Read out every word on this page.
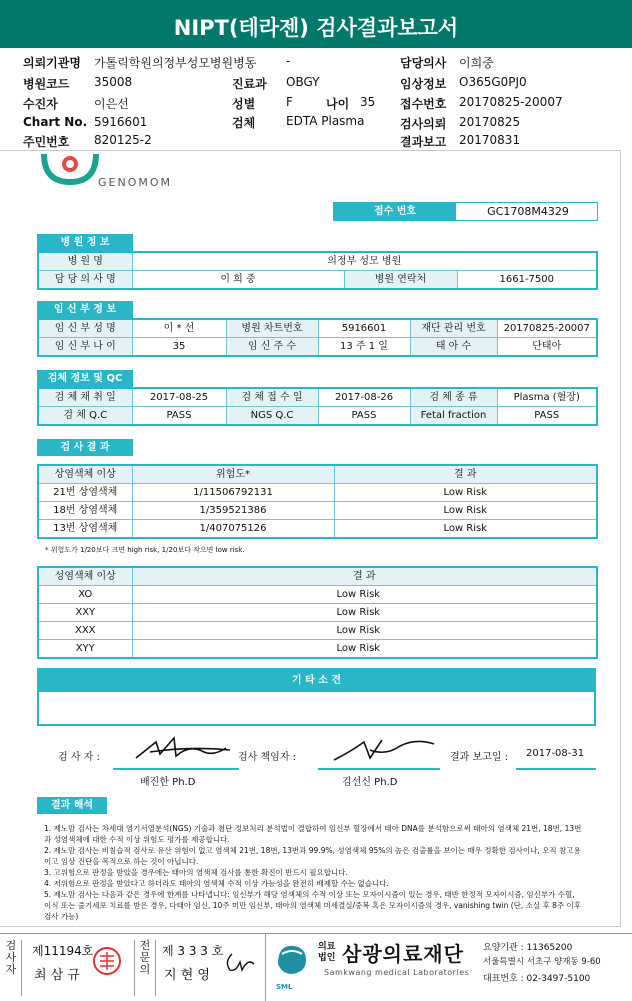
NIPT(테라젠) 검사결과보고서
의뢰기관명 가톨릭학원의정부성모병원병동
병원코드 35008
수진자	이은선
Chart No. 5916601
주민번호 820125-2
-
진료과 OBGY
성별	F	나이 35
검체	EDTA Plasma
담당의사 이희중
임상정보 O365G0PJ0
접수번호 20170825-20007
검사의뢰 20170825
결과보고 20170831
GENOMOM
접수 번호	GC1708M4329
병 원 정 보
병 원 명	의정부 성모 병원		
담 당 의 사 명	이 희 중	병원 연락처	1661-7500
임 신 부 정 보
임 신 부 성 명	이 * 선	병원 차트번호	5916601	재단 관리 번호	20170825-20007
임 신 부 나 이	35	임 신 주 수	13 주 1 일	태 아 수	단태아
검체 정보 및 QC
검 체 채 취 일	2017-08-25	검 체 접 수 일	2017-08-26	검 체 종 류	Plasma (혈장)
검 체 Q.C	PASS	NGS Q.C	PASS	Fetal fraction	PASS
검 사 결 과
상염색체 이상	위험도*	결 과
21번 상염색체	1/11506792131	Low Risk
18번 상염색체	1/359521386	Low Risk
13번 상염색체	1/407075126	Low Risk
* 위험도가 1/20보다 크면 high risk, 1/20보다 작으면 low risk.
성염색체 이상	결 과
XO	Low Risk
XXY	Low Risk
XXX	Low Risk
XYY	Low Risk
기 타 소 견
검 사 자 :
배진한 Ph.D
검사 책임자 :
김선신 Ph.D
결과 보고일 : 2017-08-31
결과 해석
1. 제노맘 검사는 차세대 염기서열분석(NGS) 기술과 첨단 정보처리 분석법이 결합하여 임신부 혈장에서 태아 DNA를 분석함으로써 태아의 염색체 21번, 18번, 13번과 성염색체에 대한 수적 이상 위험도 평가를 제공합니다.
2. 제노맘 검사는 비침습적 검사로 유산 위험이 없고 염색체 21번, 18번, 13번과 99.9%, 성염색체 95%의 높은 검출률을 보이는 매우 정확한 검사이나, 오직 참고용이고 임상 진단을 목적으로 하는 것이 아닙니다.
3. 고위험으로 판정을 받았을 경우에는 태아의 염색체 검사를 통한 확진이 반드시 필요합니다.
4. 저위험으로 판정을 받았다고 하더라도 태아의 염색체 수적 이상 가능성을 완전히 배제할 수는 없습니다.
5. 제노맘 검사는 다음과 같은 경우에 한계를 나타냅니다: 임신부가 해당 염색체의 수적 이상 또는 모자이시즘이 있는 경우, 태반 한정적 모자이시즘, 임신부가 수혈, 이식 또는 줄기세포 치료를 받은 경우, 다태아 임신, 10주 미만 임신부, 태아의 염색체 미세결실/중복 혹은 모자이시즘의 경우, vanishing twin (단, 소실 후 8주 이후 검사 가능)
검사자
제11194호
최 삼 규
전문의
제 3 3 3 호
지 현 영
SML
의료법인 삼광의료재단
Samkwang medical Laboratories
요양기관 : 11365200
서울특별시 서초구 양재동 9-60
대표번호 : 02-3497-5100
